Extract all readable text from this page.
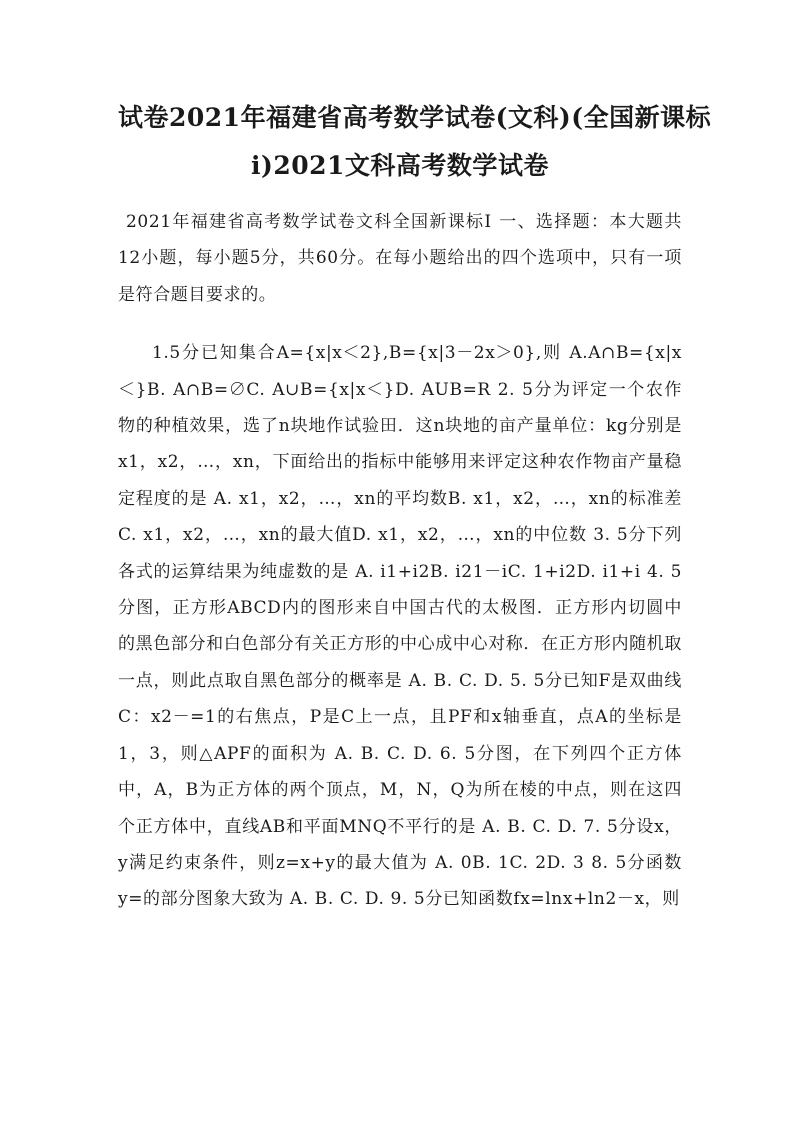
试卷2021年福建省高考数学试卷(文科)(全国新课标
i)2021文科高考数学试卷

2021年福建省高考数学试卷文科全国新课标Ⅰ 一、选择题：本大题共12小题，每小题5分，共60分。在每小题给出的四个选项中，只有一项是符合题目要求的。

1.5分已知集合A={x|x＜2},B={x|3－2x＞0},则 A.A∩B={x|x＜}B. A∩B=∅C. A∪B={x|x＜}D. AUB=R 2. 5分为评定一个农作物的种植效果，选了n块地作试验田．这n块地的亩产量单位：kg分别是x1，x2，…，xn，下面给出的指标中能够用来评定这种农作物亩产量稳定程度的是 A. x1，x2，…，xn的平均数B. x1，x2，…，xn的标准差 C. x1，x2，…，xn的最大值D. x1，x2，…，xn的中位数 3. 5分下列各式的运算结果为纯虚数的是 A. i1+i2B. i21－iC. 1+i2D. i1+i 4. 5分图，正方形ABCD内的图形来自中国古代的太极图．正方形内切圆中的黑色部分和白色部分有关正方形的中心成中心对称．在正方形内随机取一点，则此点取自黑色部分的概率是 A. B. C. D. 5. 5分已知F是双曲线C：x2－=1的右焦点，P是C上一点，且PF和x轴垂直，点A的坐标是1，3，则△APF的面积为 A. B. C. D. 6. 5分图，在下列四个正方体中，A，B为正方体的两个顶点，M，N，Q为所在棱的中点，则在这四个正方体中，直线AB和平面MNQ不平行的是 A. B. C. D. 7. 5分设x，y满足约束条件，则z=x+y的最大值为 A. 0B. 1C. 2D. 3 8. 5分函数y=的部分图象大致为 A. B. C. D. 9. 5分已知函数fx=lnx+ln2－x，则
